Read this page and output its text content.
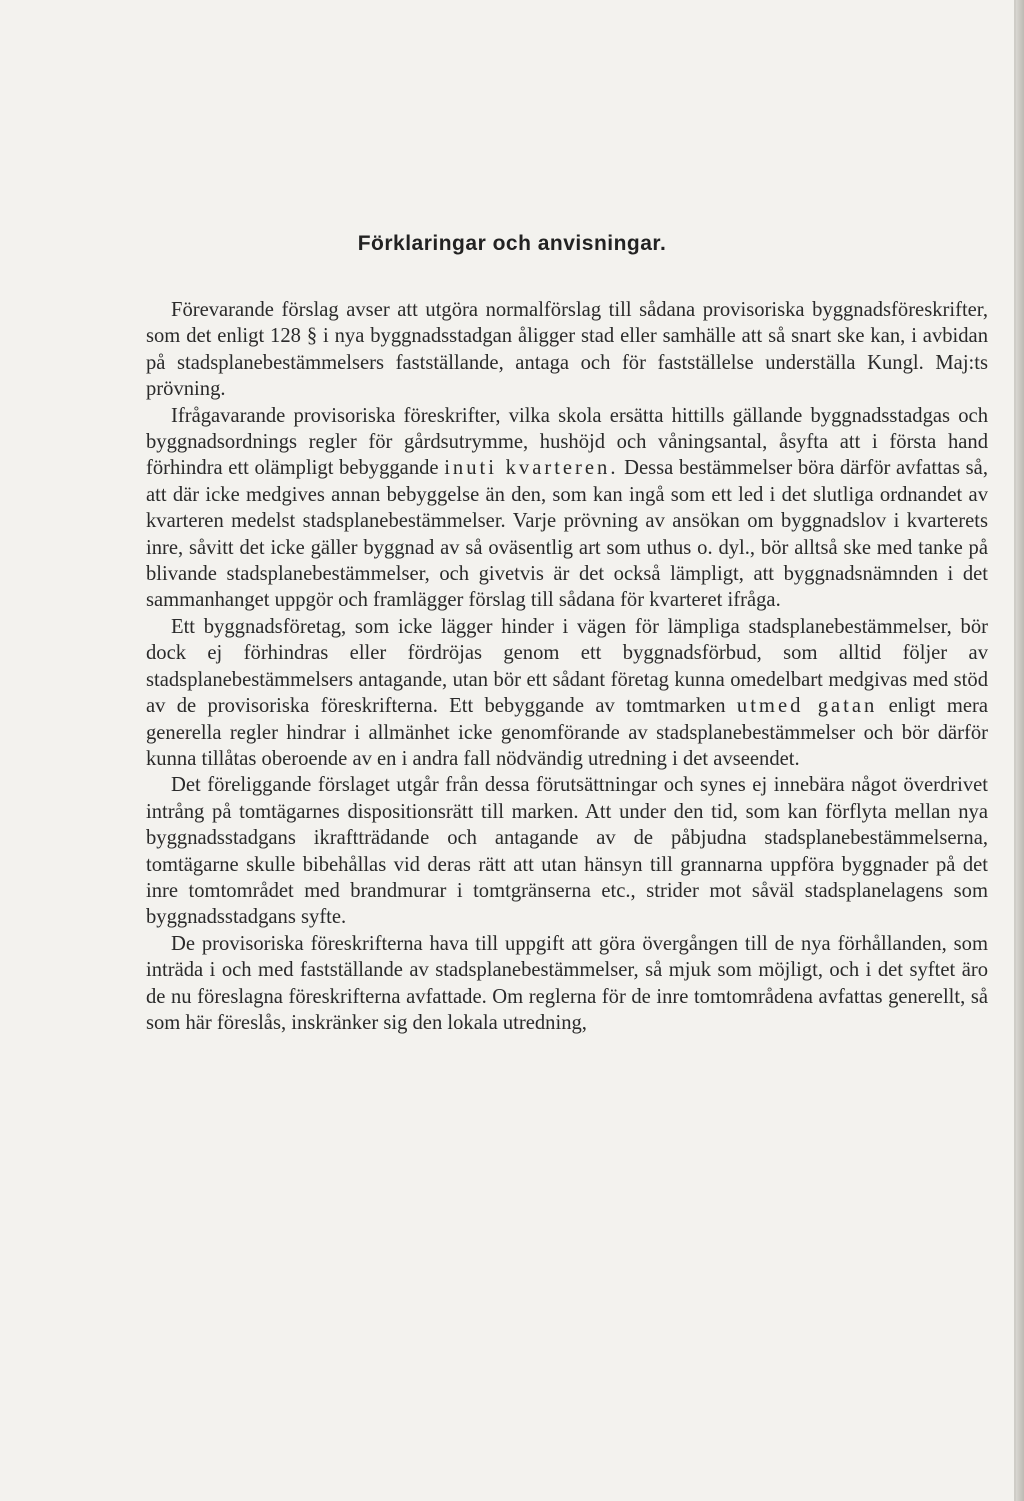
Förklaringar och anvisningar.

Förevarande förslag avser att utgöra normalförslag till sådana provisoriska byggnadsföreskrifter, som det enligt 128 § i nya byggnadsstadgan åligger stad eller samhälle att så snart ske kan, i avbidan på stadsplanebestämmelsers fastställande, antaga och för fastställelse underställa Kungl. Maj:ts prövning.

Ifrågavarande provisoriska föreskrifter, vilka skola ersätta hittills gällande byggnadsstadgas och byggnadsordnings regler för gårdsutrymme, hushöjd och våningsantal, åsyfta att i första hand förhindra ett olämpligt bebyggande inuti kvarteren. Dessa bestämmelser böra därför avfattas så, att där icke medgives annan bebyggelse än den, som kan ingå som ett led i det slutliga ordnandet av kvarteren medelst stadsplanebestämmelser. Varje prövning av ansökan om byggnadslov i kvarterets inre, såvitt det icke gäller byggnad av så oväsentlig art som uthus o. dyl., bör alltså ske med tanke på blivande stadsplanebestämmelser, och givetvis är det också lämpligt, att byggnadsnämnden i det sammanhanget uppgör och framlägger förslag till sådana för kvarteret ifråga.

Ett byggnadsföretag, som icke lägger hinder i vägen för lämpliga stadsplanebestämmelser, bör dock ej förhindras eller fördröjas genom ett byggnadsförbud, som alltid följer av stadsplanebestämmelsers antagande, utan bör ett sådant företag kunna omedelbart medgivas med stöd av de provisoriska föreskrifterna. Ett bebyggande av tomtmarken utmed gatan enligt mera generella regler hindrar i allmänhet icke genomförande av stadsplanebestämmelser och bör därför kunna tillåtas oberoende av en i andra fall nödvändig utredning i det avseendet.

Det föreliggande förslaget utgår från dessa förutsättningar och synes ej innebära något överdrivet intrång på tomtägarnes dispositionsrätt till marken. Att under den tid, som kan förflyta mellan nya byggnadsstadgans ikraftträdande och antagande av de påbjudna stadsplanebestämmelserna, tomtägarne skulle bibehållas vid deras rätt att utan hänsyn till grannarna uppföra byggnader på det inre tomtområdet med brandmurar i tomtgränserna etc., strider mot såväl stadsplanelagens som byggnadsstadgans syfte.

De provisoriska föreskrifterna hava till uppgift att göra övergången till de nya förhållanden, som inträda i och med fastställande av stadsplanebestämmelser, så mjuk som möjligt, och i det syftet äro de nu föreslagna föreskrifterna avfattade. Om reglerna för de inre tomtområdena avfattas generellt, så som här föreslås, inskränker sig den lokala utredning,
